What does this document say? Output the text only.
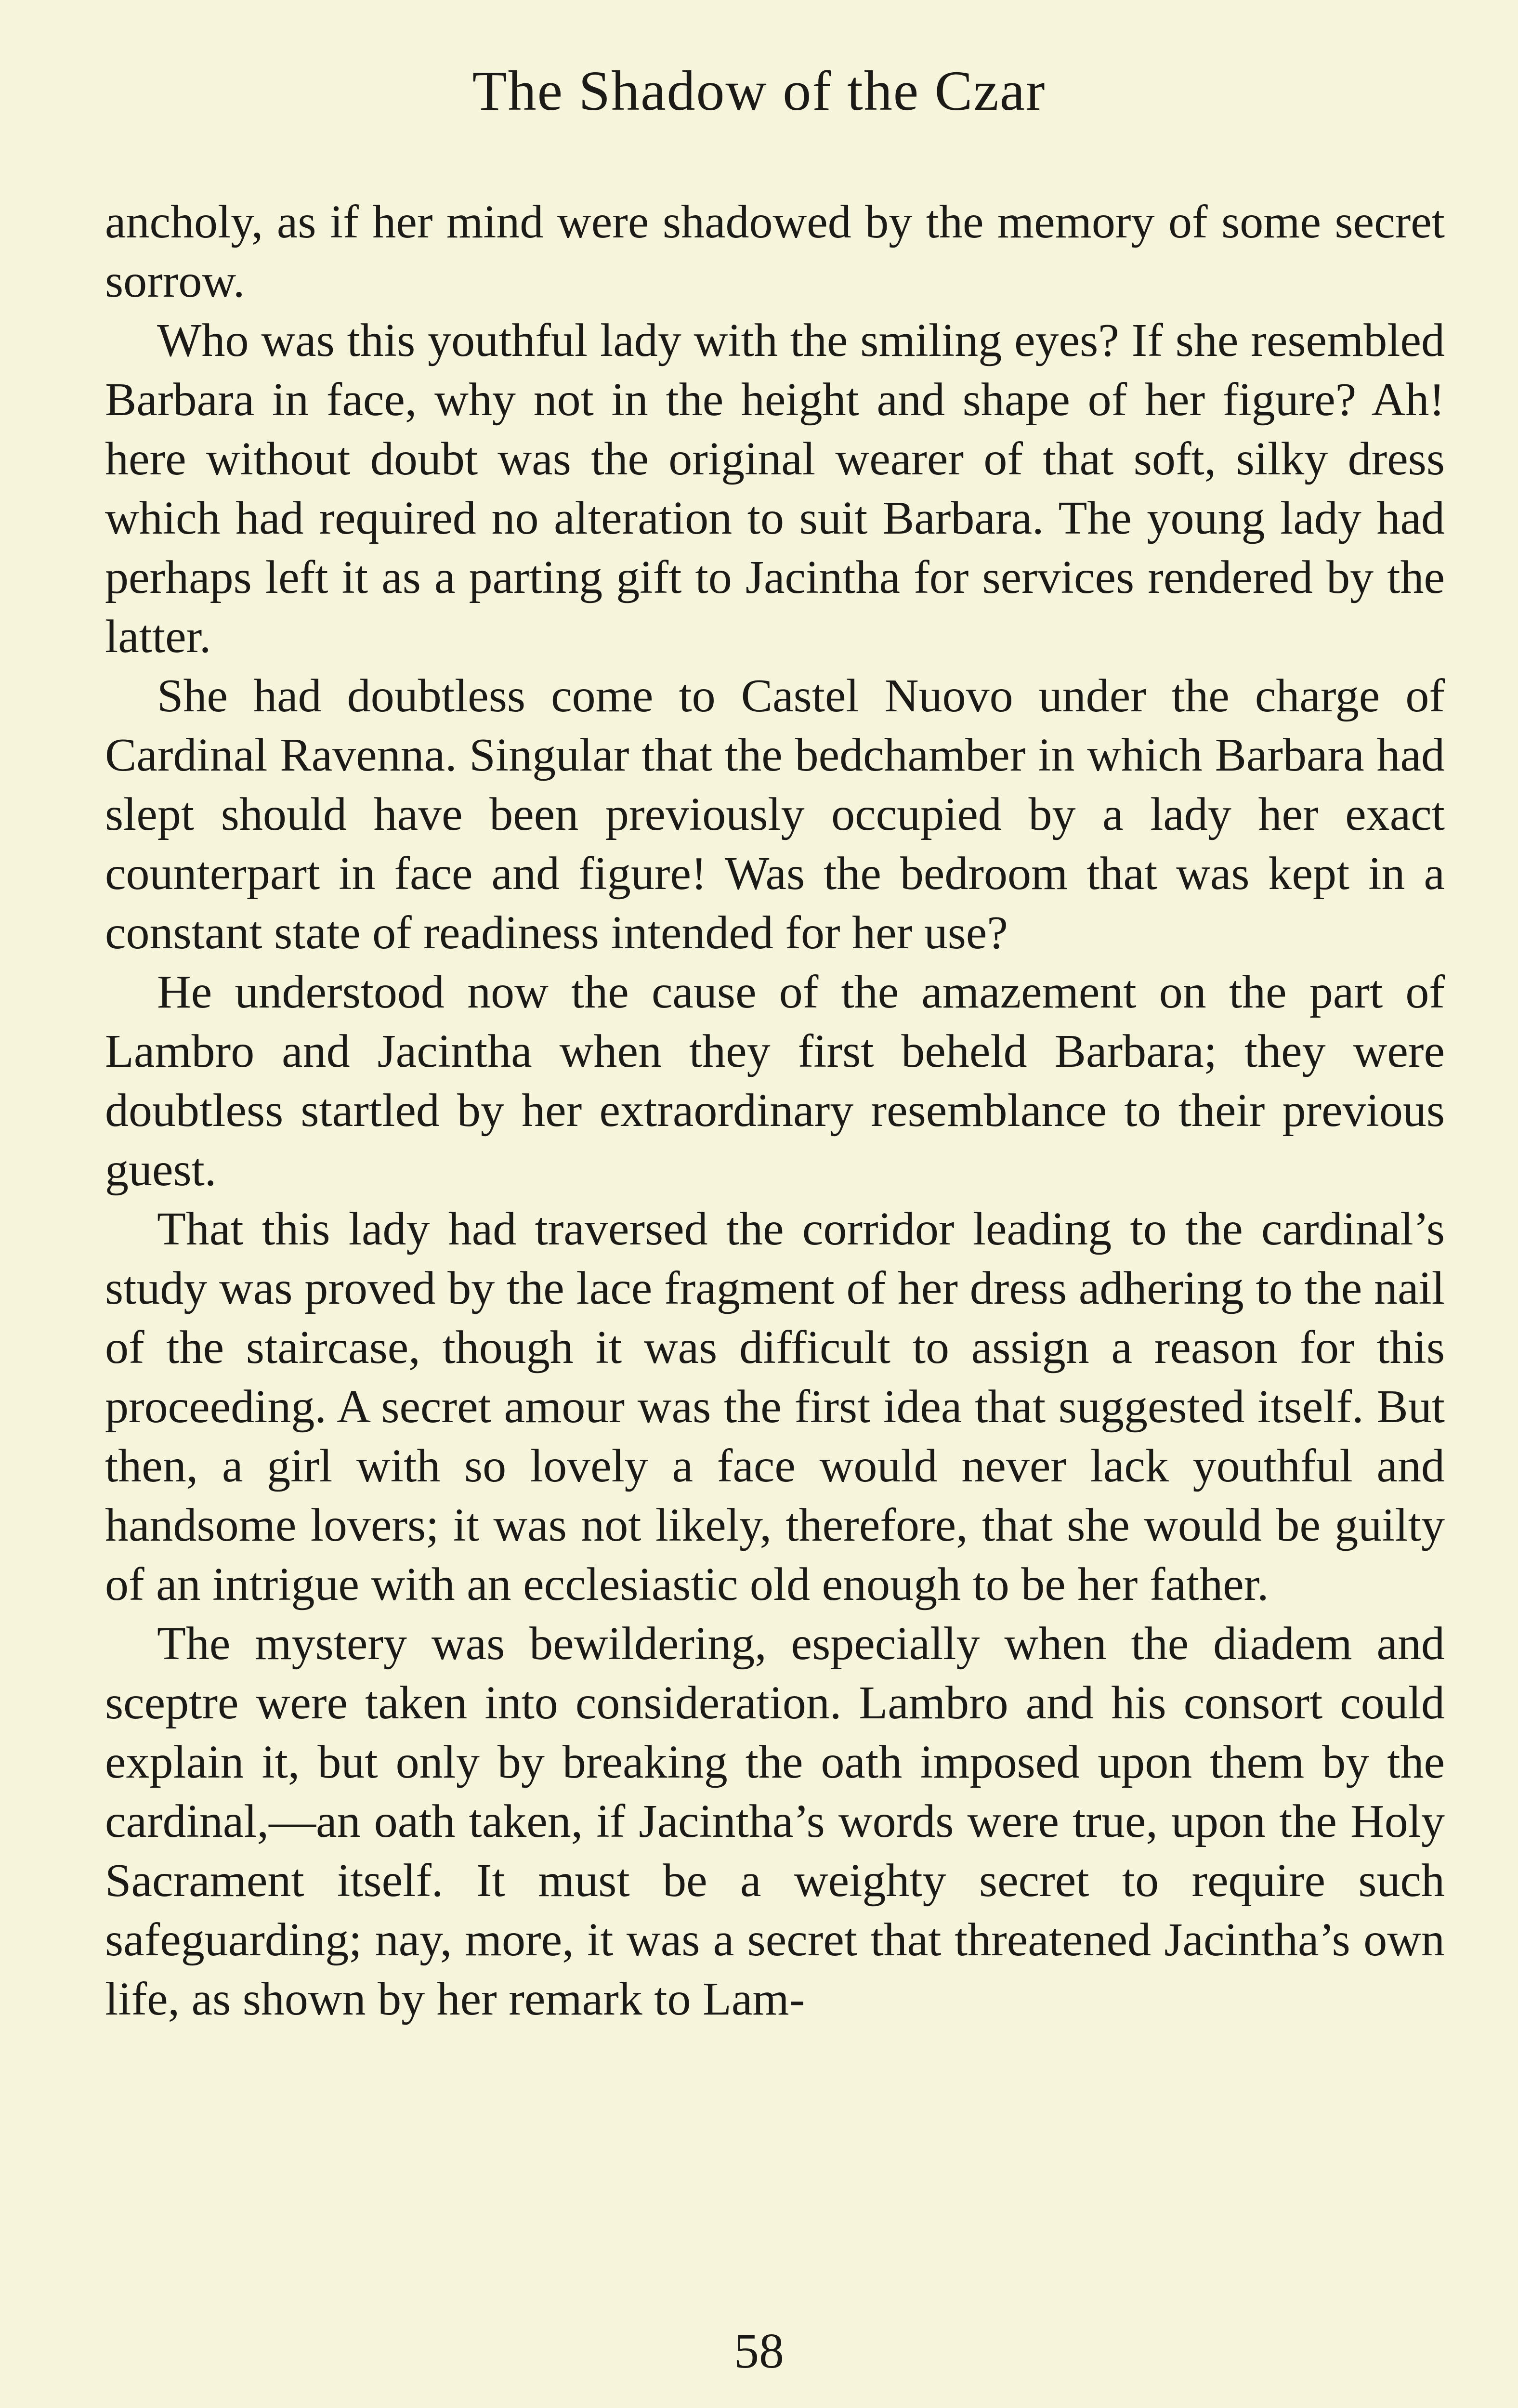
The Shadow of the Czar

ancholy, as if her mind were shadowed by the memory of some secret sorrow.

Who was this youthful lady with the smiling eyes? If she resembled Barbara in face, why not in the height and shape of her figure? Ah! here without doubt was the original wearer of that soft, silky dress which had required no alteration to suit Barbara. The young lady had perhaps left it as a parting gift to Jacintha for services rendered by the latter.

She had doubtless come to Castel Nuovo under the charge of Cardinal Ravenna. Singular that the bedchamber in which Barbara had slept should have been previously occupied by a lady her exact counterpart in face and figure! Was the bedroom that was kept in a constant state of readiness intended for her use?

He understood now the cause of the amazement on the part of Lambro and Jacintha when they first beheld Barbara; they were doubtless startled by her extraordinary resemblance to their previous guest.

That this lady had traversed the corridor leading to the cardinal’s study was proved by the lace fragment of her dress adhering to the nail of the staircase, though it was difficult to assign a reason for this proceeding. A secret amour was the first idea that suggested itself. But then, a girl with so lovely a face would never lack youthful and handsome lovers; it was not likely, therefore, that she would be guilty of an intrigue with an ecclesiastic old enough to be her father.

The mystery was bewildering, especially when the diadem and sceptre were taken into consideration. Lambro and his consort could explain it, but only by breaking the oath imposed upon them by the cardinal,—an oath taken, if Jacintha’s words were true, upon the Holy Sacrament itself. It must be a weighty secret to require such safeguarding; nay, more, it was a secret that threatened Jacintha’s own life, as shown by her remark to Lam-

58
